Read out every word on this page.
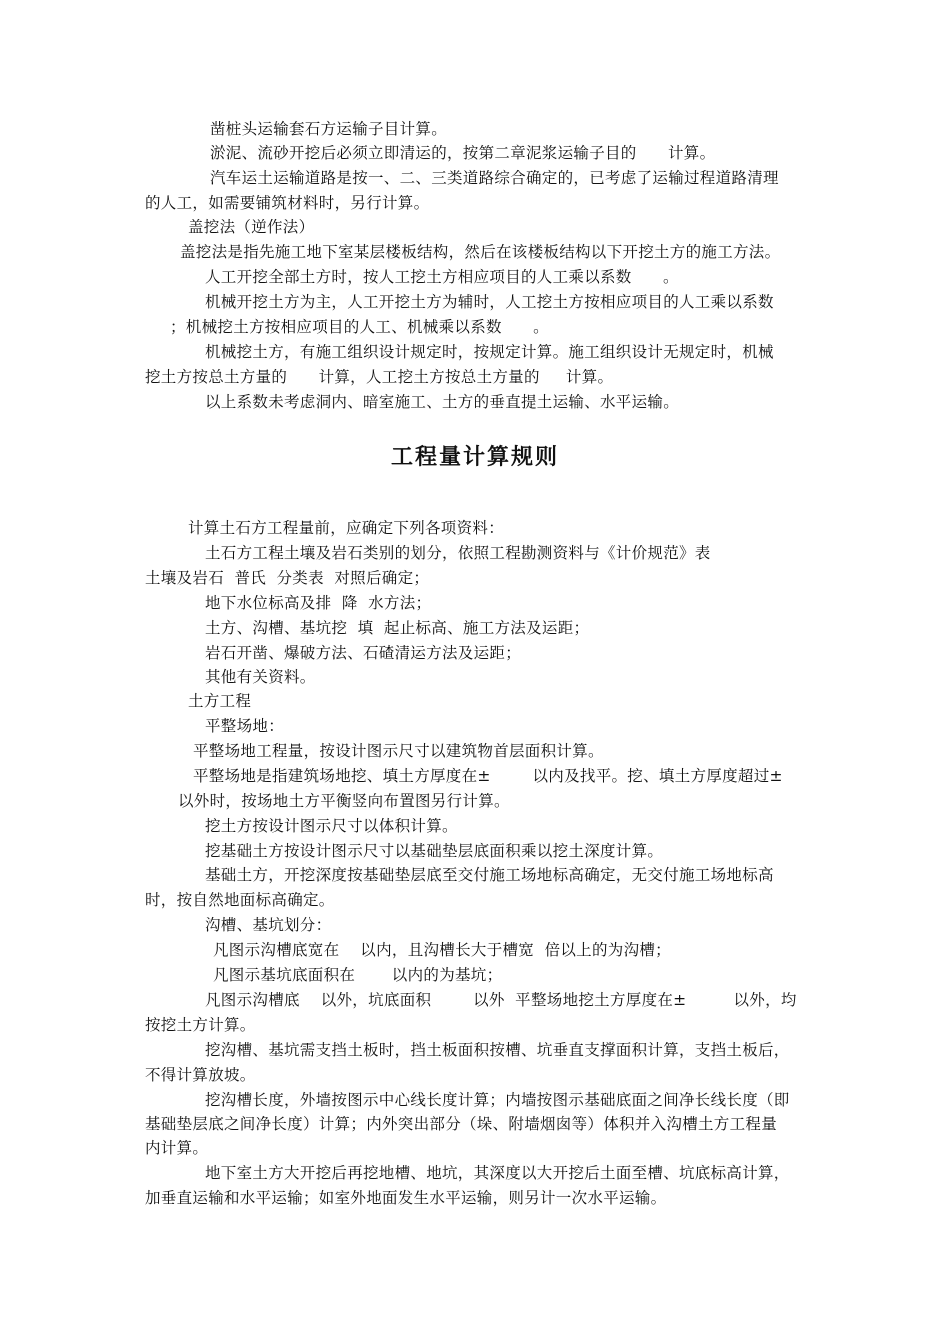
凿桩头运输套石方运输子目计算。
淤泥、流砂开挖后必须立即清运的，按第二章泥浆运输子目的      计算。
汽车运土运输道路是按一、二、三类道路综合确定的，已考虑了运输过程道路清理
的人工，如需要铺筑材料时，另行计算。
盖挖法（逆作法）
盖挖法是指先施工地下室某层楼板结构，然后在该楼板结构以下开挖土方的施工方法。
人工开挖全部土方时，按人工挖土方相应项目的人工乘以系数      。
机械开挖土方为主，人工开挖土方为辅时，人工挖土方按相应项目的人工乘以系数
；机械挖土方按相应项目的人工、机械乘以系数      。
机械挖土方，有施工组织设计规定时，按规定计算。施工组织设计无规定时，机械
挖土方按总土方量的      计算，人工挖土方按总土方量的     计算。
以上系数未考虑洞内、暗室施工、土方的垂直提土运输、水平运输。
工程量计算规则
计算土石方工程量前，应确定下列各项资料：
土石方工程土壤及岩石类别的划分，依照工程勘测资料与《计价规范》表
土壤及岩石  普氏  分类表  对照后确定；
地下水位标高及排  降  水方法；
土方、沟槽、基坑挖  填  起止标高、施工方法及运距；
岩石开凿、爆破方法、石碴清运方法及运距；
其他有关资料。
土方工程
平整场地：
平整场地工程量，按设计图示尺寸以建筑物首层面积计算。
平整场地是指建筑场地挖、填土方厚度在±        以内及找平。挖、填土方厚度超过±
以外时，按场地土方平衡竖向布置图另行计算。
挖土方按设计图示尺寸以体积计算。
挖基础土方按设计图示尺寸以基础垫层底面积乘以挖土深度计算。
基础土方，开挖深度按基础垫层底至交付施工场地标高确定，无交付施工场地标高
时，按自然地面标高确定。
沟槽、基坑划分：
凡图示沟槽底宽在    以内，且沟槽长大于槽宽  倍以上的为沟槽；
凡图示基坑底面积在       以内的为基坑；
凡图示沟槽底    以外，坑底面积        以外  平整场地挖土方厚度在±         以外，均
按挖土方计算。
挖沟槽、基坑需支挡土板时，挡土板面积按槽、坑垂直支撑面积计算，支挡土板后，
不得计算放坡。
挖沟槽长度，外墙按图示中心线长度计算；内墙按图示基础底面之间净长线长度（即
基础垫层底之间净长度）计算；内外突出部分（垛、附墙烟囱等）体积并入沟槽土方工程量
内计算。
地下室土方大开挖后再挖地槽、地坑，其深度以大开挖后土面至槽、坑底标高计算，
加垂直运输和水平运输；如室外地面发生水平运输，则另计一次水平运输。
